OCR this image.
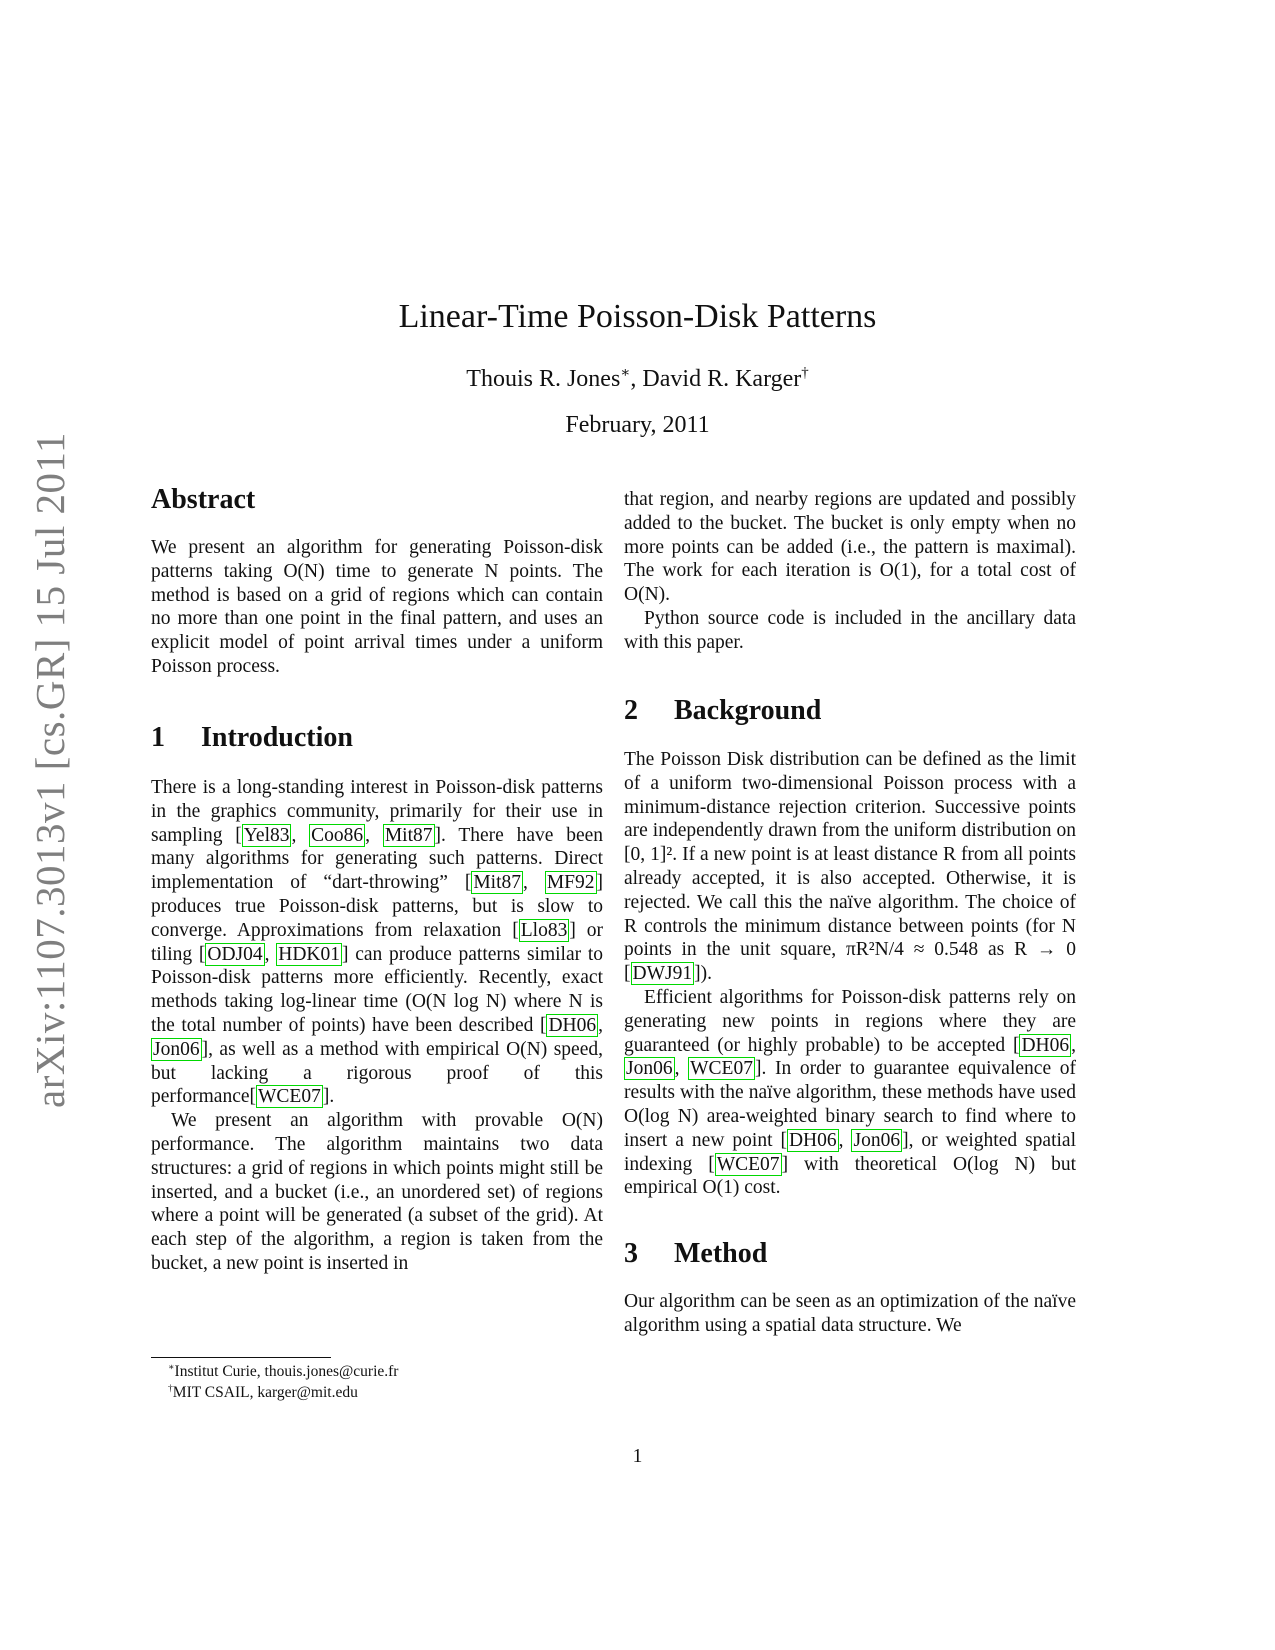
arXiv:1107.3013v1 [cs.GR] 15 Jul 2011
Linear-Time Poisson-Disk Patterns
Thouis R. Jones∗, David R. Karger†
February, 2011
Abstract

We present an algorithm for generating Poisson-disk patterns taking O(N) time to generate N points. The method is based on a grid of regions which can contain no more than one point in the final pattern, and uses an explicit model of point arrival times under a uniform Poisson process.

1 Introduction

There is a long-standing interest in Poisson-disk patterns in the graphics community, primarily for their use in sampling [ Yel83 , Coo86 , Mit87 ]. There have been many algorithms for generating such patterns. Direct implementation of “dart-throwing” [ Mit87 , MF92 ] produces true Poisson-disk patterns, but is slow to converge. Approximations from relaxation [ Llo83 ] or tiling [ ODJ04 , HDK01 ] can produce patterns similar to Poisson-disk patterns more efficiently. Recently, exact methods taking log-linear time (O(N log N) where N is the total number of points) have been described [ DH06 , Jon06 ], as well as a method with empirical O(N) speed, but lacking a rigorous proof of this performance[ WCE07 ].

We present an algorithm with provable O(N) performance. The algorithm maintains two data structures: a grid of regions in which points might still be inserted, and a bucket (i.e., an unordered set) of regions where a point will be generated (a subset of the grid). At each step of the algorithm, a region is taken from the bucket, a new point is inserted in

∗Institut Curie, thouis.jones@curie.fr
†MIT CSAIL, karger@mit.edu

that region, and nearby regions are updated and possibly added to the bucket. The bucket is only empty when no more points can be added (i.e., the pattern is maximal). The work for each iteration is O(1), for a total cost of O(N).

Python source code is included in the ancillary data with this paper.

2 Background

The Poisson Disk distribution can be defined as the limit of a uniform two-dimensional Poisson process with a minimum-distance rejection criterion. Successive points are independently drawn from the uniform distribution on [0, 1]². If a new point is at least distance R from all points already accepted, it is also accepted. Otherwise, it is rejected. We call this the naïve algorithm. The choice of R controls the minimum distance between points (for N points in the unit square, πR²N/4 ≈ 0.548 as R → 0 [ DWJ91 ]).

Efficient algorithms for Poisson-disk patterns rely on generating new points in regions where they are guaranteed (or highly probable) to be accepted [ DH06 , Jon06 , WCE07 ]. In order to guarantee equivalence of results with the naïve algorithm, these methods have used O(log N) area-weighted binary search to find where to insert a new point [ DH06 , Jon06 ], or weighted spatial indexing [ WCE07 ] with theoretical O(log N) but empirical O(1) cost.

3 Method

Our algorithm can be seen as an optimization of the naïve algorithm using a spatial data structure. We

1
